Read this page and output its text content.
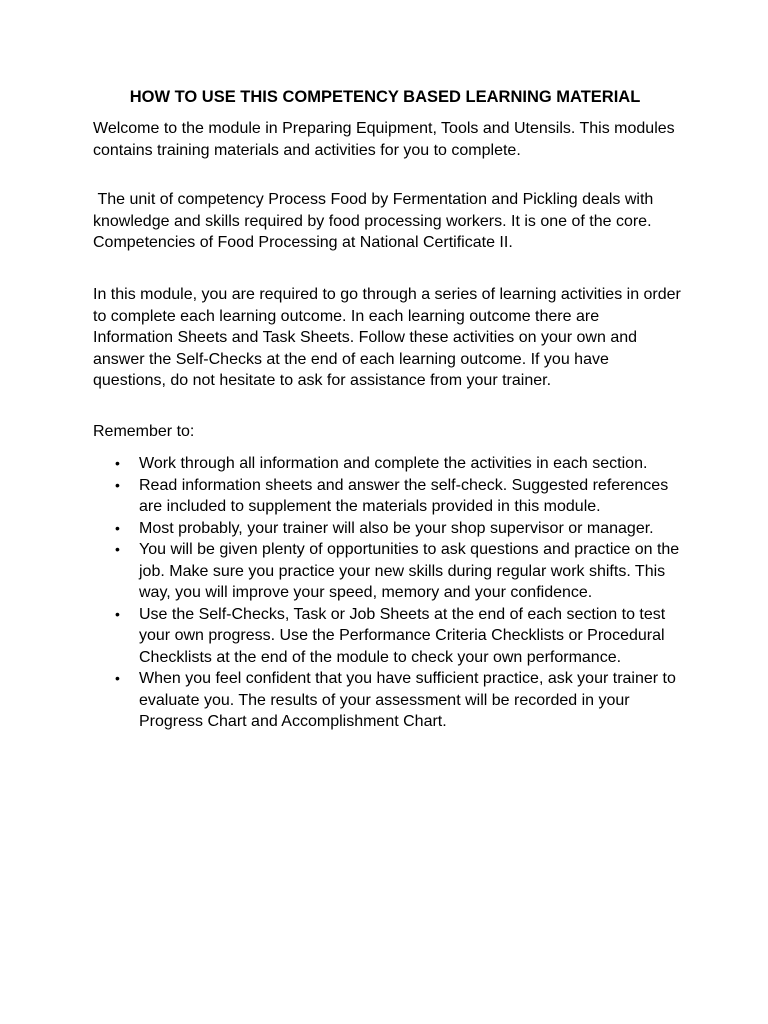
HOW TO USE THIS COMPETENCY BASED LEARNING MATERIAL

Welcome to the module in Preparing Equipment, Tools and Utensils. This modules contains training materials and activities for you to complete.

The unit of competency Process Food by Fermentation and Pickling deals with knowledge and skills required by food processing workers. It is one of the core. Competencies of Food Processing at National Certificate II.

In this module, you are required to go through a series of learning activities in order to complete each learning outcome. In each learning outcome there are Information Sheets and Task Sheets. Follow these activities on your own and answer the Self-Checks at the end of each learning outcome. If you have questions, do not hesitate to ask for assistance from your trainer.

Remember to:

• Work through all information and complete the activities in each section.
• Read information sheets and answer the self-check. Suggested references are included to supplement the materials provided in this module.
• Most probably, your trainer will also be your shop supervisor or manager.
• You will be given plenty of opportunities to ask questions and practice on the job. Make sure you practice your new skills during regular work shifts. This way, you will improve your speed, memory and your confidence.
• Use the Self-Checks, Task or Job Sheets at the end of each section to test your own progress. Use the Performance Criteria Checklists or Procedural Checklists at the end of the module to check your own performance.
• When you feel confident that you have sufficient practice, ask your trainer to evaluate you. The results of your assessment will be recorded in your Progress Chart and Accomplishment Chart.
